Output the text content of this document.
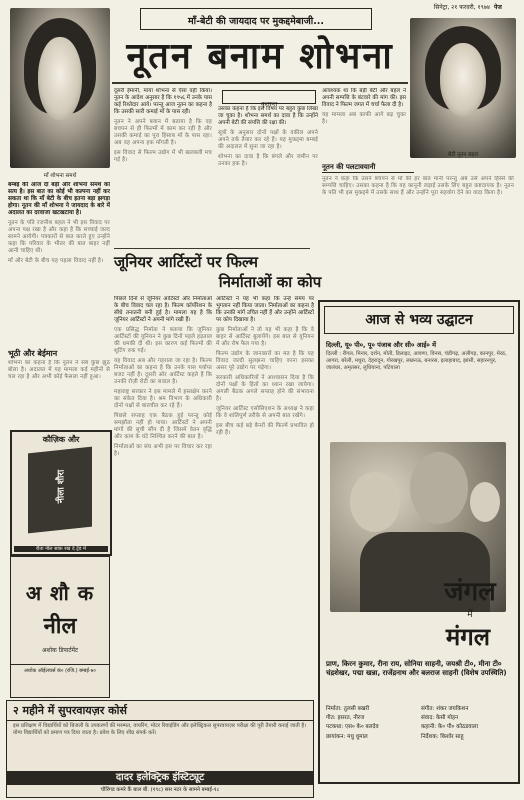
माँ-बेटी की जायदाद पर मुकद्दमेबाजी...
सिनेट्रा, २१ फरवरी, १९७४ पेज
माँ शोभना समर्थ
बेटी नूतन बहल
नूतन बनाम शोभना

बम्बई की आज दो बड़ी और शोभना समर्थ का सत्य है। इस बात का कोई भी कल्पना नहीं कर सकता था कि माँ बेटी के बीच इतना बड़ा झगड़ा होगा। नूतन की माँ शोभना ने जायदाद के बारे में अदालत का दरवाजा खटखटाया है।

नूतन के पति रजनीश बहल ने भी इस विवाद पर अपना पक्ष रखा है और कहा है कि सच्चाई जल्द सामने आयेगी। पत्रकारों से बात करते हुए उन्होंने कहा कि परिवार के भीतर की बात बाहर नहीं आनी चाहिए थी।

माँ और बेटी के बीच यह पहला विवाद नहीं है।

भूठी और बेईमान

शोभना का कहना है कि नूतन ने सब कुछ झूठ बोला है। अदालत में यह मामला कई महीनों से चल रहा है और अभी कोई फैसला नहीं हुआ।

दूसरी ईमानी, माया शोभना से ऐसा वहीं किया। नूतन के आदेश अनुसार है कि १९५६ में उनके पास कई रिश्तेदार आये। परन्तु आज नूतन का कहना है कि उसकी सारी कमाई माँ के पास रही।

नूतन ने अपने बयान में बताया है कि वह बचपन से ही फिल्मों में काम कर रही है और उसकी कमाई का पूरा हिसाब माँ के पास रहा। अब वह अपना हक माँगती है।

इस विवाद से फिल्म उद्योग में भी खलबली मच गई है।

कृतान्त

उसका कहना है कि इस विषय पर बहुत कुछ लिखा जा चुका है। शोभना समर्थ का दावा है कि उन्होंने अपनी बेटी की संपत्ति की रक्षा की।

सूत्रों के अनुसार दोनों पक्षों के वकील अपने अपने तर्क तैयार कर रहे हैं। यह मुकद्दमा बम्बई की अदालत में सुना जा रहा है।

शोभना का दावा है कि बंगले और जमीन पर उनका हक है।

आवश्यक था कि बड़ी बेटी और बहल ने अपनी सम्पत्ति के बंटवारे की मांग की। इस विवाद ने फिल्म जगत में चर्चा फैला दी है।

यह मामला अब काफी आगे बढ़ चुका है।

नूतन की पलटावयानी

नूतन ने कहा कि उसने बचपन से माँ की हर बात मानी परन्तु अब उसे अपने हिस्से की सम्पत्ति चाहिए। उसका कहना है कि यह कानूनी लड़ाई उसके लिए बहुत कष्टदायक है। नूतन के पति भी इस मुकद्दमे में उसके साथ हैं और उन्होंने पूरा सहयोग देने का वादा किया है।

जूनियर आर्टिस्टों पर फिल्म
निर्माताओं का कोप

पिछले दिनों से जूनियर आर्टिस्टों और निर्माताओं के बीच विवाद चल रहा है। फिल्म कॉर्पोरेशन के सीधे तनातनी बनी हुई है। मामला यह है कि जूनियर आर्टिस्टों ने अपनी मांगे रखी हैं।

एक प्रसिद्ध निर्माता ने बताया कि जूनियर आर्टिस्टों की यूनियन ने कुछ दिनों पहले हड़ताल की धमकी दी थी। इस कारण कई फिल्मों की शूटिंग रुक गई।

यह विवाद अब और गहराता जा रहा है। फिल्म निर्माताओं का कहना है कि उनके पास पर्याप्त बजट नहीं है। दूसरी ओर आर्टिस्ट कहते हैं कि उनकी रोज़ी रोटी का सवाल है।

महाराष्ट्र सरकार ने इस मामले में हस्तक्षेप करने का संकेत दिया है। श्रम विभाग के अधिकारी दोनों पक्षों से बातचीत कर रहे हैं।

पिछले सप्ताह एक बैठक हुई परन्तु कोई समझौता नहीं हो पाया। आर्टिस्टों ने अपनी मांगों की सूची सौंप दी है जिसमें वेतन वृद्धि और काम के घंटे निश्चित करने की बात है।

निर्माताओं का संघ अभी इस पर विचार कर रहा है।

आर्टिस्टों ने यह भी कहा कि उन्हें समय पर भुगतान नहीं किया जाता। निर्माताओं का कहना है कि उनकी मांगें उचित नहीं हैं और उन्होंने आर्टिस्टों पर कोप दिखाया है।

कुछ निर्माताओं ने तो यह भी कहा है कि वे बाहर से आर्टिस्ट बुलायेंगे। इस बात से यूनियन में और रोष फैल गया है।

फिल्म उद्योग के जानकारों का मत है कि यह विवाद जल्दी सुलझना चाहिए वरना इसका असर पूरे उद्योग पर पड़ेगा।

सरकारी अधिकारियों ने आश्वासन दिया है कि दोनों पक्षों के हितों का ध्यान रखा जायेगा। अगली बैठक अगले सप्ताह होने की संभावना है।

जूनियर आर्टिस्ट एसोसिएशन के अध्यक्ष ने कहा कि वे शांतिपूर्ण तरीके से अपनी बात रखेंगे।

इस बीच कई बड़े बैनरों की फिल्में प्रभावित हो रही हैं।

कौज़िक और
नीला शौरा
रीता नील साफ़ रख दे ट्रेंड में
अ शौ क
नील
अशोक डिपार्टमेंट
अशोक ऑईलचर्स कं० (रजि.) बम्बई-७०
आज से भव्य उद्घाटन
दिल्ली, यू० पी०, पू० पंजाब और सी० आई० में
दिल्ली : रीगल, मिनार, दर्शन, मोती, डिलाइट, आवणा, विनस, चंडीगढ़, अलीगढ़, कानपुर, मेरठ, आगरा, बरेली, मथुरा, देहरादून, गोरखपुर, लखनऊ, बनारस, इलाहाबाद, झांसी, सहारनपुर, जालंधर, अमृतसर, लुधियाना, पटियाला
जंगल
में
मंगल
प्राण, किरन कुमार, रीना राय, सोनिया साहनी, जयश्री टी०, मीना टी० चंद्रशेखर, पद्मा खन्ना, राजेंद्रनाथ और बलराज साहनी (विशेष उपस्थिति)
निर्माता: तुलसी बखरी	संगीत: शंकर जयकिशन
गीत: हसरत, नीरज	संवाद: केसी मोहन
पटकथा: एस० के० बलदेव	कहानी: के० पी० कोठडवाला
छायांकन: मधु धुमाल	निर्देशक: किशोर साहू
२ महीने में सुपरवायज़र कोर्स
इस प्रशिक्षण में विद्यार्थियों को बिजली के उपकरणों की मरम्मत, वायरिंग, मोटर रिवाइंडिंग और इलेक्ट्रिकल सुपरवायज़र परीक्षा की पूरी तैयारी कराई जाती है। योग्य विद्यार्थियों को प्रमाण पत्र दिया जाता है। प्रवेश के लिए शीघ्र संपर्क करें।
दादर इलेक्ट्रिक इंस्टिट्यूट
चौरिंगड कमरे कैं बाल बी. (१९८) सस नटर के सामने बम्बई-१८
